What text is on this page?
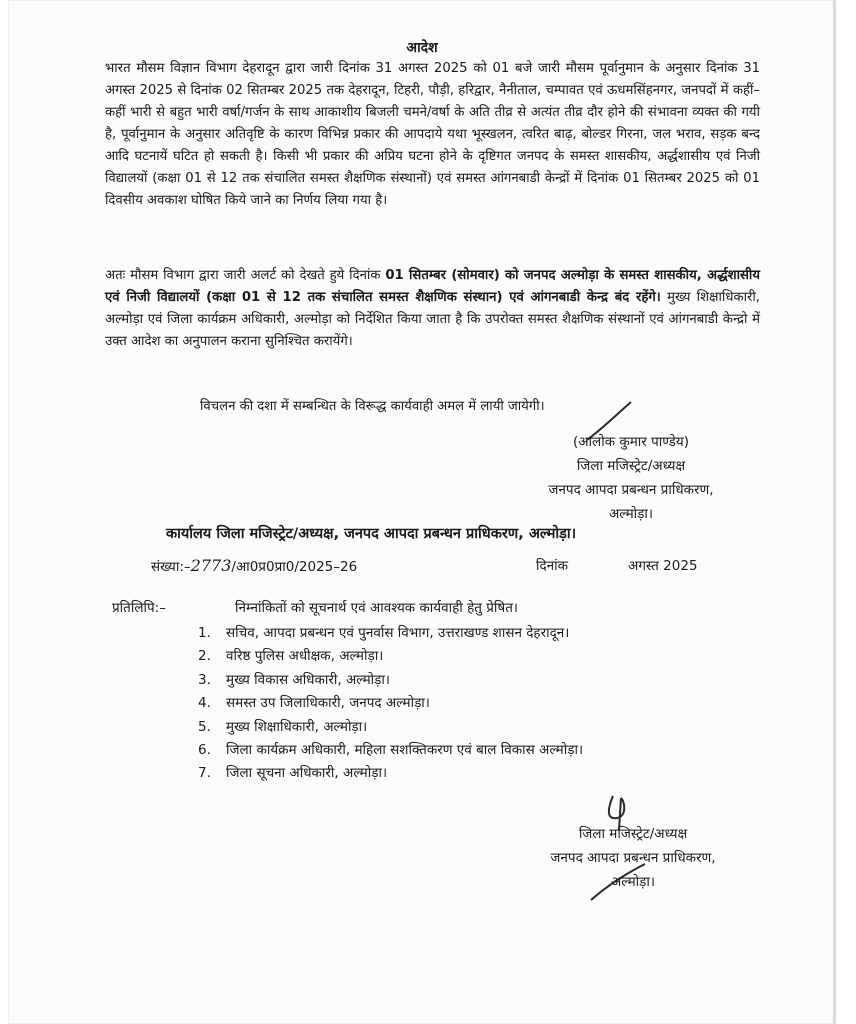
आदेश
भारत मौसम विज्ञान विभाग देहरादून द्वारा जारी दिनांक 31 अगस्त 2025 को 01 बजे जारी मौसम पूर्वानुमान के अनुसार दिनांक 31 अगस्त 2025 से दिनांक 02 सितम्बर 2025 तक देहरादून, टिहरी, पौड़ी, हरिद्वार, नैनीताल, चम्पावत एवं ऊधमसिंहनगर, जनपदों में कहीं–कहीं भारी से बहुत भारी वर्षा/गर्जन के साथ आकाशीय बिजली चमने/वर्षा के अति तीव्र से अत्यंत तीव्र दौर होने की संभावना व्यक्त की गयी है, पूर्वानुमान के अनुसार अतिवृष्टि के कारण विभिन्न प्रकार की आपदाये यथा भूस्खलन, त्वरित बाढ़, बोल्डर गिरना, जल भराव, सड़क बन्द आदि घटनायें घटित हो सकती है। किसी भी प्रकार की अप्रिय घटना होने के दृष्टिगत जनपद के समस्त शासकीय, अर्द्धशासीय एवं निजी विद्यालयों (कक्षा 01 से 12 तक संचालित समस्त शैक्षणिक संस्थानों) एवं समस्त आंगनबाडी केन्द्रों में दिनांक 01 सितम्बर 2025 को 01 दिवसीय अवकाश घोषित किये जाने का निर्णय लिया गया है।
अतः मौसम विभाग द्वारा जारी अलर्ट को देखते हुये दिनांक 01 सितम्बर (सोमवार) को जनपद अल्मोड़ा के समस्त शासकीय, अर्द्धशासीय एवं निजी विद्यालयों (कक्षा 01 से 12 तक संचालित समस्त शैक्षणिक संस्थान) एवं आंगनबाडी केन्द्र बंद रहेंगे। मुख्य शिक्षाधिकारी, अल्मोड़ा एवं जिला कार्यक्रम अधिकारी, अल्मोड़ा को निर्देशित किया जाता है कि उपरोक्त समस्त शैक्षणिक संस्थानों एवं आंगनबाडी केन्द्रो में उक्त आदेश का अनुपालन कराना सुनिश्चित करायेंगे।
विचलन की दशा में सम्बन्धित के विरूद्ध कार्यवाही अमल में लायी जायेगी।
(आलोक कुमार पाण्डेय)
जिला मजिस्ट्रेट/अध्यक्ष
जनपद आपदा प्रबन्धन प्राधिकरण,
अल्मोड़ा।
कार्यालय जिला मजिस्ट्रेट/अध्यक्ष, जनपद आपदा प्रबन्धन प्राधिकरण, अल्मोड़ा।
संख्या:–2773/आ0प्र0प्रा0/2025–26	दिनांक	अगस्त 2025
प्रतिलिपि:–	निम्नांकितों को सूचनार्थ एवं आवश्यक कार्यवाही हेतु प्रेषित।
1. सचिव, आपदा प्रबन्धन एवं पुनर्वास विभाग, उत्तराखण्ड शासन देहरादून।
2. वरिष्ठ पुलिस अधीक्षक, अल्मोड़ा।
3. मुख्य विकास अधिकारी, अल्मोड़ा।
4. समस्त उप जिलाधिकारी, जनपद अल्मोड़ा।
5. मुख्य शिक्षाधिकारी, अल्मोड़ा।
6. जिला कार्यक्रम अधिकारी, महिला सशक्तिकरण एवं बाल विकास अल्मोड़ा।
7. जिला सूचना अधिकारी, अल्मोड़ा।
जिला मजिस्ट्रेट/अध्यक्ष
जनपद आपदा प्रबन्धन प्राधिकरण,
अल्मोड़ा।
